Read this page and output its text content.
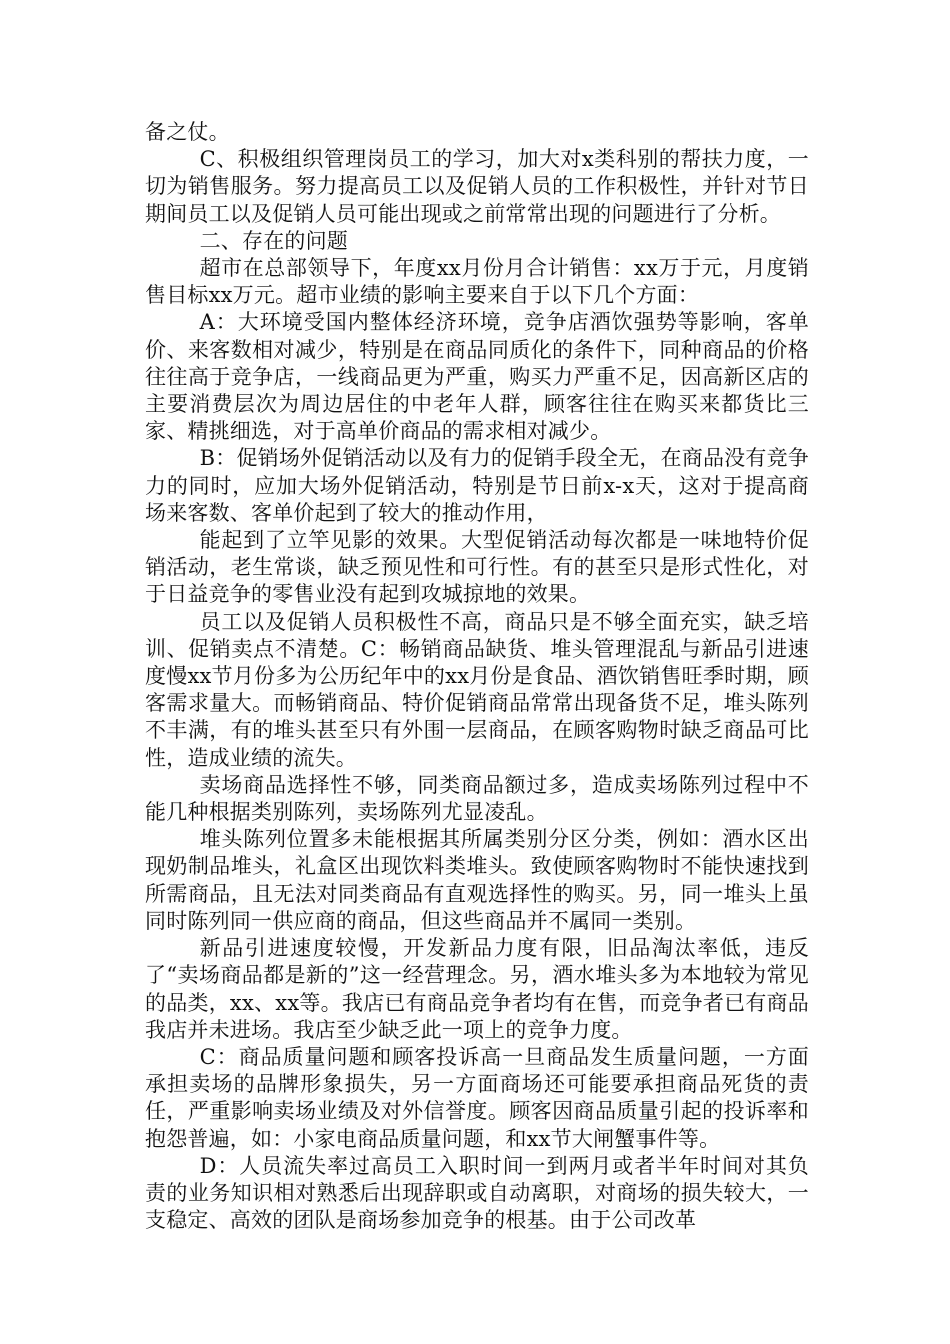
备之仗。

C、积极组织管理岗员工的学习，加大对x类科别的帮扶力度，一切为销售服务。努力提高员工以及促销人员的工作积极性，并针对节日期间员工以及促销人员可能出现或之前常常出现的问题进行了分析。

二、存在的问题

超市在总部领导下，年度xx月份月合计销售：xx万于元，月度销售目标xx万元。超市业绩的影响主要来自于以下几个方面：

A：大环境受国内整体经济环境，竞争店酒饮强势等影响，客单价、来客数相对减少，特别是在商品同质化的条件下，同种商品的价格往往高于竞争店，一线商品更为严重，购买力严重不足，因高新区店的主要消费层次为周边居住的中老年人群，顾客往往在购买来都货比三家、精挑细选，对于高单价商品的需求相对减少。

B：促销场外促销活动以及有力的促销手段全无，在商品没有竞争力的同时，应加大场外促销活动，特别是节日前x-x天，这对于提高商场来客数、客单价起到了较大的推动作用，

能起到了立竿见影的效果。大型促销活动每次都是一味地特价促销活动，老生常谈，缺乏预见性和可行性。有的甚至只是形式性化，对于日益竞争的零售业没有起到攻城掠地的效果。

员工以及促销人员积极性不高，商品只是不够全面充实，缺乏培训、促销卖点不清楚。C：畅销商品缺货、堆头管理混乱与新品引进速度慢xx节月份多为公历纪年中的xx月份是食品、酒饮销售旺季时期，顾客需求量大。而畅销商品、特价促销商品常常出现备货不足，堆头陈列不丰满，有的堆头甚至只有外围一层商品，在顾客购物时缺乏商品可比性，造成业绩的流失。

卖场商品选择性不够，同类商品额过多，造成卖场陈列过程中不能几种根据类别陈列，卖场陈列尤显凌乱。

堆头陈列位置多未能根据其所属类别分区分类，例如：酒水区出现奶制品堆头，礼盒区出现饮料类堆头。致使顾客购物时不能快速找到所需商品，且无法对同类商品有直观选择性的购买。另，同一堆头上虽同时陈列同一供应商的商品，但这些商品并不属同一类别。

新品引进速度较慢，开发新品力度有限，旧品淘汰率低，违反了“卖场商品都是新的”这一经营理念。另，酒水堆头多为本地较为常见的品类，xx、xx等。我店已有商品竞争者均有在售，而竞争者已有商品我店并未进场。我店至少缺乏此一项上的竞争力度。

C：商品质量问题和顾客投诉高一旦商品发生质量问题，一方面承担卖场的品牌形象损失，另一方面商场还可能要承担商品死货的责任，严重影响卖场业绩及对外信誉度。顾客因商品质量引起的投诉率和抱怨普遍，如：小家电商品质量问题，和xx节大闸蟹事件等。

D：人员流失率过高员工入职时间一到两月或者半年时间对其负责的业务知识相对熟悉后出现辞职或自动离职，对商场的损失较大，一支稳定、高效的团队是商场参加竞争的根基。由于公司改革
